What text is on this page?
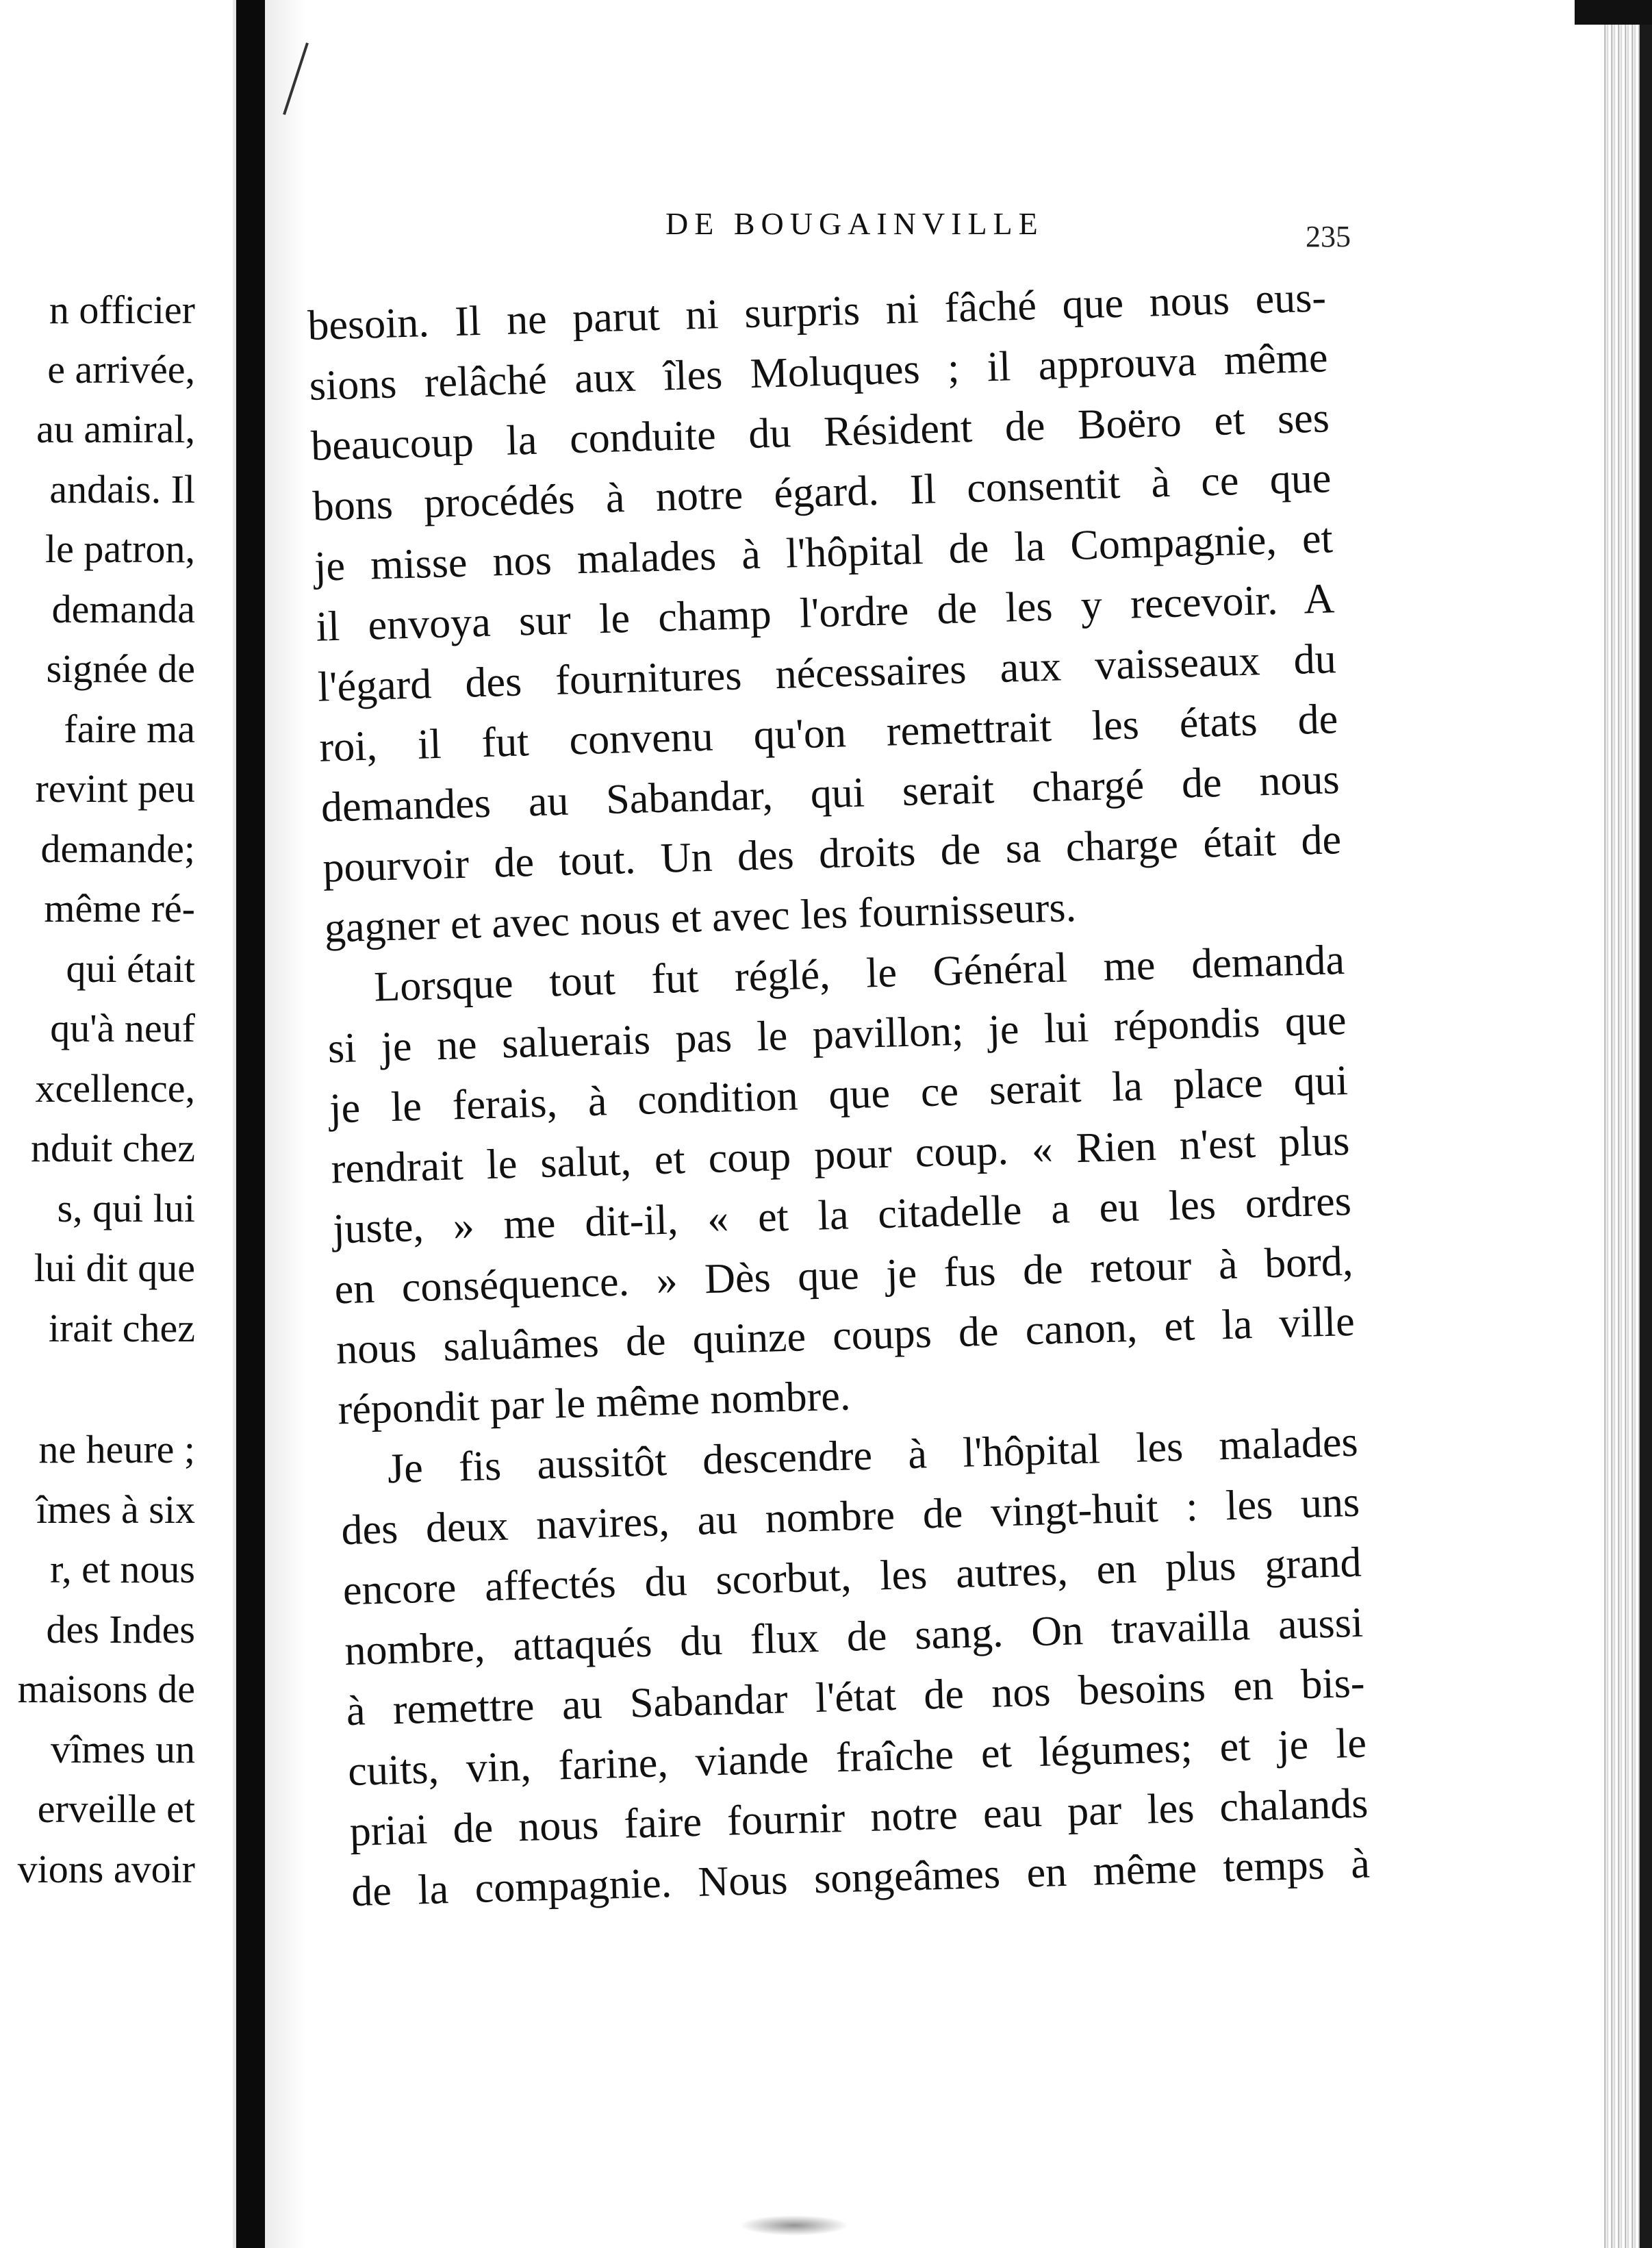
n officier
e arrivée,
au amiral,
andais. Il
le patron,
demanda
signée de
faire ma
revint peu
demande;
même ré-
qui était
qu'à neuf
xcellence,
nduit chez
s, qui lui
lui dit que
irait chez
ne heure ;
îmes à six
r, et nous
des Indes
maisons de
vîmes un
erveille et
vions avoir
DE BOUGAINVILLE	235
besoin. Il ne parut ni surpris ni fâché que nous eus-
sions relâché aux îles Moluques ; il approuva même
beaucoup la conduite du Résident de Boëro et ses
bons procédés à notre égard. Il consentit à ce que
je misse nos malades à l'hôpital de la Compagnie, et
il envoya sur le champ l'ordre de les y recevoir. A
l'égard des fournitures nécessaires aux vaisseaux du
roi, il fut convenu qu'on remettrait les états de
demandes au Sabandar, qui serait chargé de nous
pourvoir de tout. Un des droits de sa charge était de
gagner et avec nous et avec les fournisseurs.
Lorsque tout fut réglé, le Général me demanda
si je ne saluerais pas le pavillon; je lui répondis que
je le ferais, à condition que ce serait la place qui
rendrait le salut, et coup pour coup. « Rien n'est plus
juste, » me dit-il, « et la citadelle a eu les ordres
en conséquence. » Dès que je fus de retour à bord,
nous saluâmes de quinze coups de canon, et la ville
répondit par le même nombre.
Je fis aussitôt descendre à l'hôpital les malades
des deux navires, au nombre de vingt-huit : les uns
encore affectés du scorbut, les autres, en plus grand
nombre, attaqués du flux de sang. On travailla aussi
à remettre au Sabandar l'état de nos besoins en bis-
cuits, vin, farine, viande fraîche et légumes; et je le
priai de nous faire fournir notre eau par les chalands
de la compagnie. Nous songeâmes en même temps à
